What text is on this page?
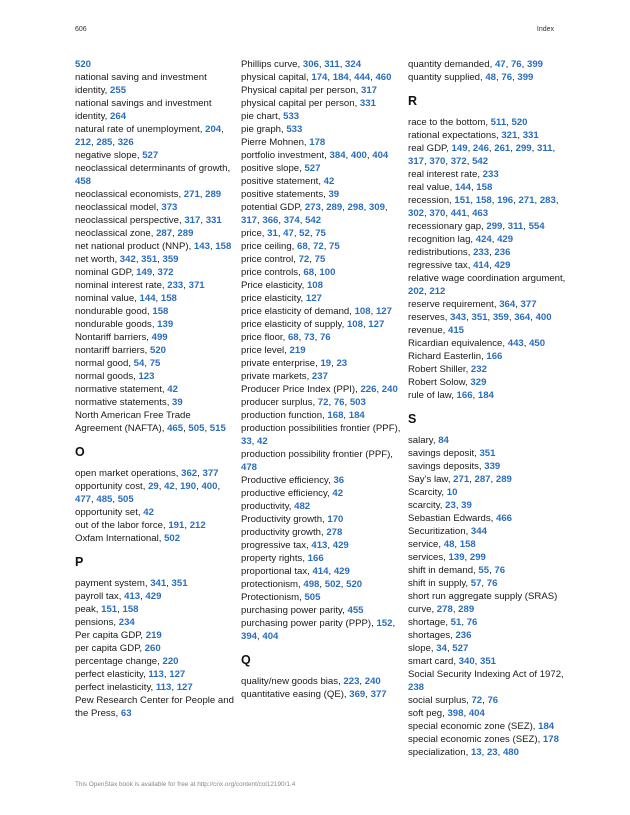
606	Index

520

national saving and investment identity, 255

national savings and investment identity, 264

natural rate of unemployment, 204, 212, 285, 326

negative slope, 527

neoclassical determinants of growth, 458

neoclassical economists, 271, 289

neoclassical model, 373

neoclassical perspective, 317, 331

neoclassical zone, 287, 289

net national product (NNP), 143, 158

net worth, 342, 351, 359

nominal GDP, 149, 372

nominal interest rate, 233, 371

nominal value, 144, 158

nondurable good, 158

nondurable goods, 139

Nontariff barriers, 499

nontariff barriers, 520

normal good, 54, 75

normal goods, 123

normative statement, 42

normative statements, 39

North American Free Trade Agreement (NAFTA), 465, 505, 515

O

open market operations, 362, 377

opportunity cost, 29, 42, 190, 400, 477, 485, 505

opportunity set, 42

out of the labor force, 191, 212

Oxfam International, 502

P

payment system, 341, 351

payroll tax, 413, 429

peak, 151, 158

pensions, 234

Per capita GDP, 219

per capita GDP, 260

percentage change, 220

perfect elasticity, 113, 127

perfect inelasticity, 113, 127

Pew Research Center for People and the Press, 63

Phillips curve, 306, 311, 324

physical capital, 174, 184, 444, 460

Physical capital per person, 317

physical capital per person, 331

pie chart, 533

pie graph, 533

Pierre Mohnen, 178

portfolio investment, 384, 400, 404

positive slope, 527

positive statement, 42

positive statements, 39

potential GDP, 273, 289, 298, 309, 317, 366, 374, 542

price, 31, 47, 52, 75

price ceiling, 68, 72, 75

price control, 72, 75

price controls, 68, 100

Price elasticity, 108

price elasticity, 127

price elasticity of demand, 108, 127

price elasticity of supply, 108, 127

price floor, 68, 73, 76

price level, 219

private enterprise, 19, 23

private markets, 237

Producer Price Index (PPI), 226, 240

producer surplus, 72, 76, 503

production function, 168, 184

production possibilities frontier (PPF), 33, 42

production possibility frontier (PPF), 478

Productive efficiency, 36

productive efficiency, 42

productivity, 482

Productivity growth, 170

productivity growth, 278

progressive tax, 413, 429

property rights, 166

proportional tax, 414, 429

protectionism, 498, 502, 520

Protectionism, 505

purchasing power parity, 455

purchasing power parity (PPP), 152, 394, 404

Q

quality/new goods bias, 223, 240

quantitative easing (QE), 369, 377

quantity demanded, 47, 76, 399

quantity supplied, 48, 76, 399

R

race to the bottom, 511, 520

rational expectations, 321, 331

real GDP, 149, 246, 261, 299, 311, 317, 370, 372, 542

real interest rate, 233

real value, 144, 158

recession, 151, 158, 196, 271, 283, 302, 370, 441, 463

recessionary gap, 299, 311, 554

recognition lag, 424, 429

redistributions, 233, 236

regressive tax, 414, 429

relative wage coordination argument, 202, 212

reserve requirement, 364, 377

reserves, 343, 351, 359, 364, 400

revenue, 415

Ricardian equivalence, 443, 450

Richard Easterlin, 166

Robert Shiller, 232

Robert Solow, 329

rule of law, 166, 184

S

salary, 84

savings deposit, 351

savings deposits, 339

Say’s law, 271, 287, 289

Scarcity, 10

scarcity, 23, 39

Sebastian Edwards, 466

Securitization, 344

service, 48, 158

services, 139, 299

shift in demand, 55, 76

shift in supply, 57, 76

short run aggregate supply (SRAS) curve, 278, 289

shortage, 51, 76

shortages, 236

slope, 34, 527

smart card, 340, 351

Social Security Indexing Act of 1972, 238

social surplus, 72, 76

soft peg, 398, 404

special economic zone (SEZ), 184

special economic zones (SEZ), 178

specialization, 13, 23, 480

This OpenStax book is available for free at http://cnx.org/content/col12190/1.4
